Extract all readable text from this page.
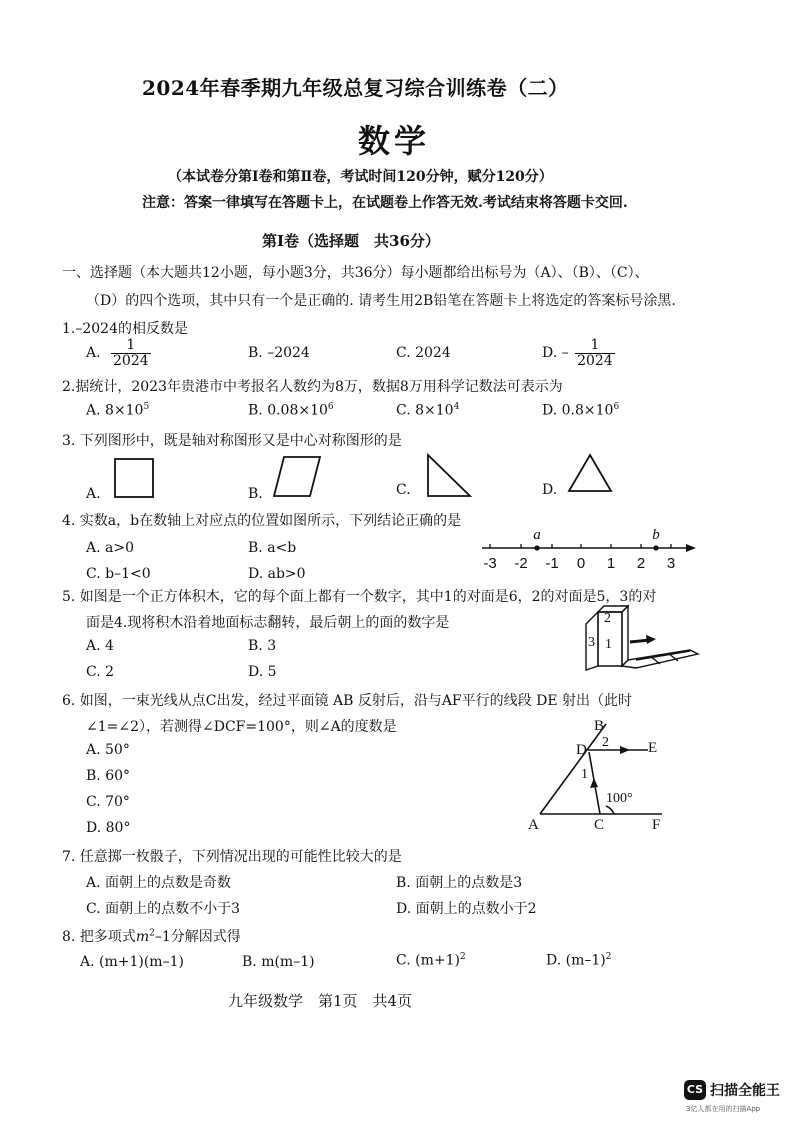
2024年春季期九年级总复习综合训练卷（二）
数学
（本试卷分第Ⅰ卷和第Ⅱ卷，考试时间120分钟，赋分120分）
注意：答案一律填写在答题卡上，在试题卷上作答无效.考试结束将答题卡交回.
第Ⅰ卷（选择题　共36分）
一、选择题（本大题共12小题，每小题3分，共36分）每小题都给出标号为（A）、（B）、（C）、
（D）的四个选项，其中只有一个是正确的. 请考生用2B铅笔在答题卡上将选定的答案标号涂黑.
1.–2024的相反数是
A. $\frac{1}{2024}$	B. –2024	C. 2024	D. – $\frac{1}{2024}$
2.据统计，2023年贵港市中考报名人数约为8万，数据8万用科学记数法可表示为
A. $8\times 10^5$	B. $0.08\times 10^6$	C. $8\times 10^4$	D. $0.8\times 10^6$
3. 下列图形中，既是轴对称图形又是中心对称图形的是
A.	B.	C.	D.
4. 实数a，b在数轴上对应点的位置如图所示，下列结论正确的是
A. a>0	B. a<b
C. b–1<0	D. ab>0
-3 -2 -1 0 1 2 3
a	b
5. 如图是一个正方体积木，它的每个面上都有一个数字，其中1的对面是6，2的对面是5，3的对
面是4.现将积木沿着地面标志翻转，最后朝上的面的数字是
A. 4	B. 3
C. 2	D. 5
2
3 1
6. 如图，一束光线从点C出发，经过平面镜 AB 反射后，沿与AF平行的线段 DE 射出（此时
∠1=∠2），若测得∠DCF=100°，则∠A的度数是
A. 50°
B. 60°
C. 70°
D. 80°
B
D	E
A	C	F
2
1
100°
7. 任意掷一枚骰子，下列情况出现的可能性比较大的是
A. 面朝上的点数是奇数	B. 面朝上的点数是3
C. 面朝上的点数不小于3	D. 面朝上的点数小于2
8. 把多项式$m^2-1$分解因式得
A. (m+1)(m–1)	B. m(m–1)	C. $(m+1)^2$	D. $(m-1)^2$
九年级数学　第1页　共4页
CS 扫描全能王
3亿人都在用的扫描App
